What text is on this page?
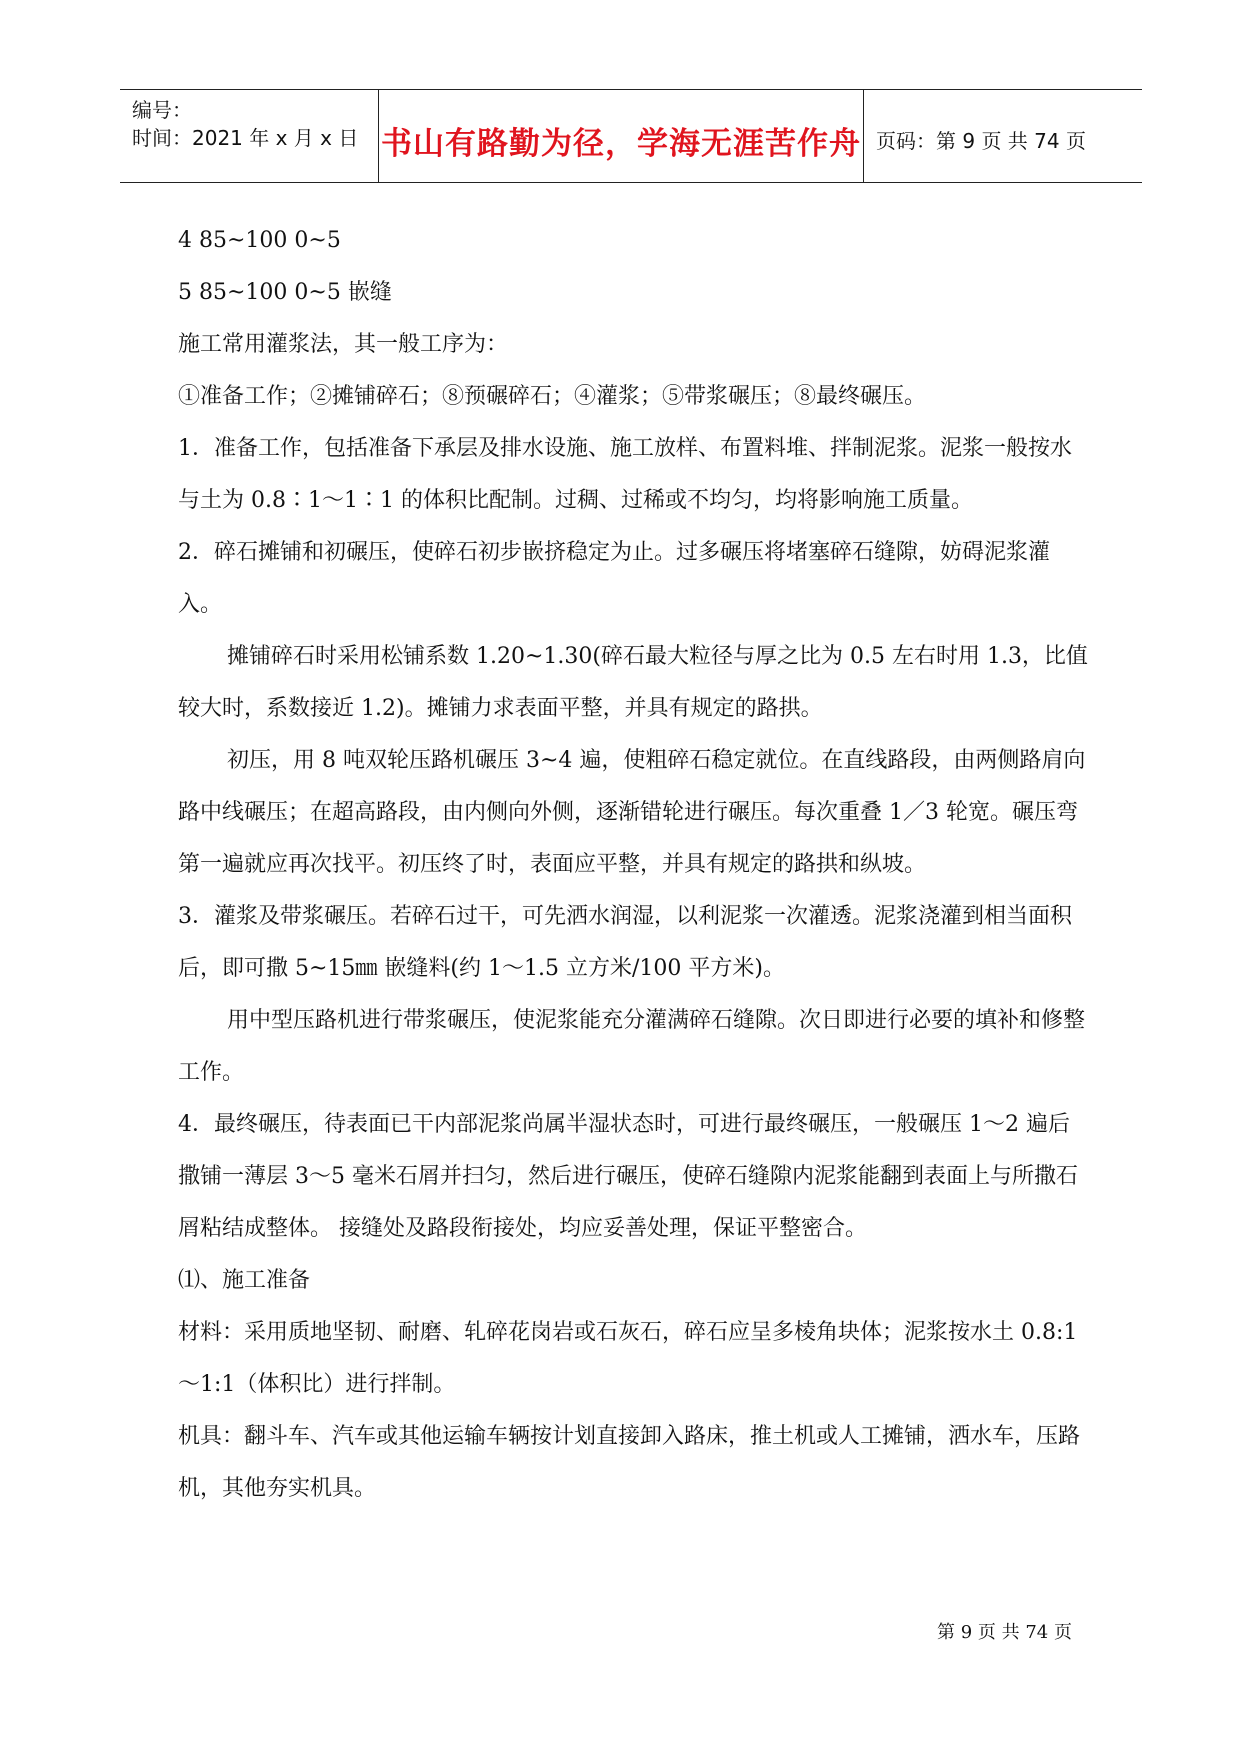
编号：
时间：2021 年 x 月 x 日 书山有路勤为径，学海无涯苦作舟 页码：第 9 页 共 74 页

4 85~100 0~5

5 85~100 0~5 嵌缝

施工常用灌浆法，其一般工序为：

①准备工作；②摊铺碎石；⑧预碾碎石；④灌浆；⑤带浆碾压；⑧最终碾压。

1．准备工作，包括准备下承层及排水设施、施工放样、布置料堆、拌制泥浆。泥浆一般按水与土为 0.8∶1～1∶1 的体积比配制。过稠、过稀或不均匀，均将影响施工质量。

2．碎石摊铺和初碾压，使碎石初步嵌挤稳定为止。过多碾压将堵塞碎石缝隙，妨碍泥浆灌入。

摊铺碎石时采用松铺系数 1.20~1.30(碎石最大粒径与厚之比为 0.5 左右时用 1.3，比值较大时，系数接近 1.2)。摊铺力求表面平整，并具有规定的路拱。

初压，用 8 吨双轮压路机碾压 3~4 遍，使粗碎石稳定就位。在直线路段，由两侧路肩向路中线碾压；在超高路段，由内侧向外侧，逐渐错轮进行碾压。每次重叠 1／3 轮宽。碾压弯第一遍就应再次找平。初压终了时，表面应平整，并具有规定的路拱和纵坡。

3．灌浆及带浆碾压。若碎石过干，可先洒水润湿，以利泥浆一次灌透。泥浆浇灌到相当面积后，即可撒 5~15㎜ 嵌缝料(约 1～1.5 立方米/100 平方米)。

用中型压路机进行带浆碾压，使泥浆能充分灌满碎石缝隙。次日即进行必要的填补和修整工作。

4．最终碾压，待表面已干内部泥浆尚属半湿状态时，可进行最终碾压，一般碾压 1～2 遍后撒铺一薄层 3～5 毫米石屑并扫匀，然后进行碾压，使碎石缝隙内泥浆能翻到表面上与所撒石屑粘结成整体。 接缝处及路段衔接处，均应妥善处理，保证平整密合。

⑴、施工准备

材料：采用质地坚韧、耐磨、轧碎花岗岩或石灰石，碎石应呈多棱角块体；泥浆按水土 0.8:1～1:1（体积比）进行拌制。

机具：翻斗车、汽车或其他运输车辆按计划直接卸入路床，推土机或人工摊铺，洒水车，压路机，其他夯实机具。

第 9 页 共 74 页
